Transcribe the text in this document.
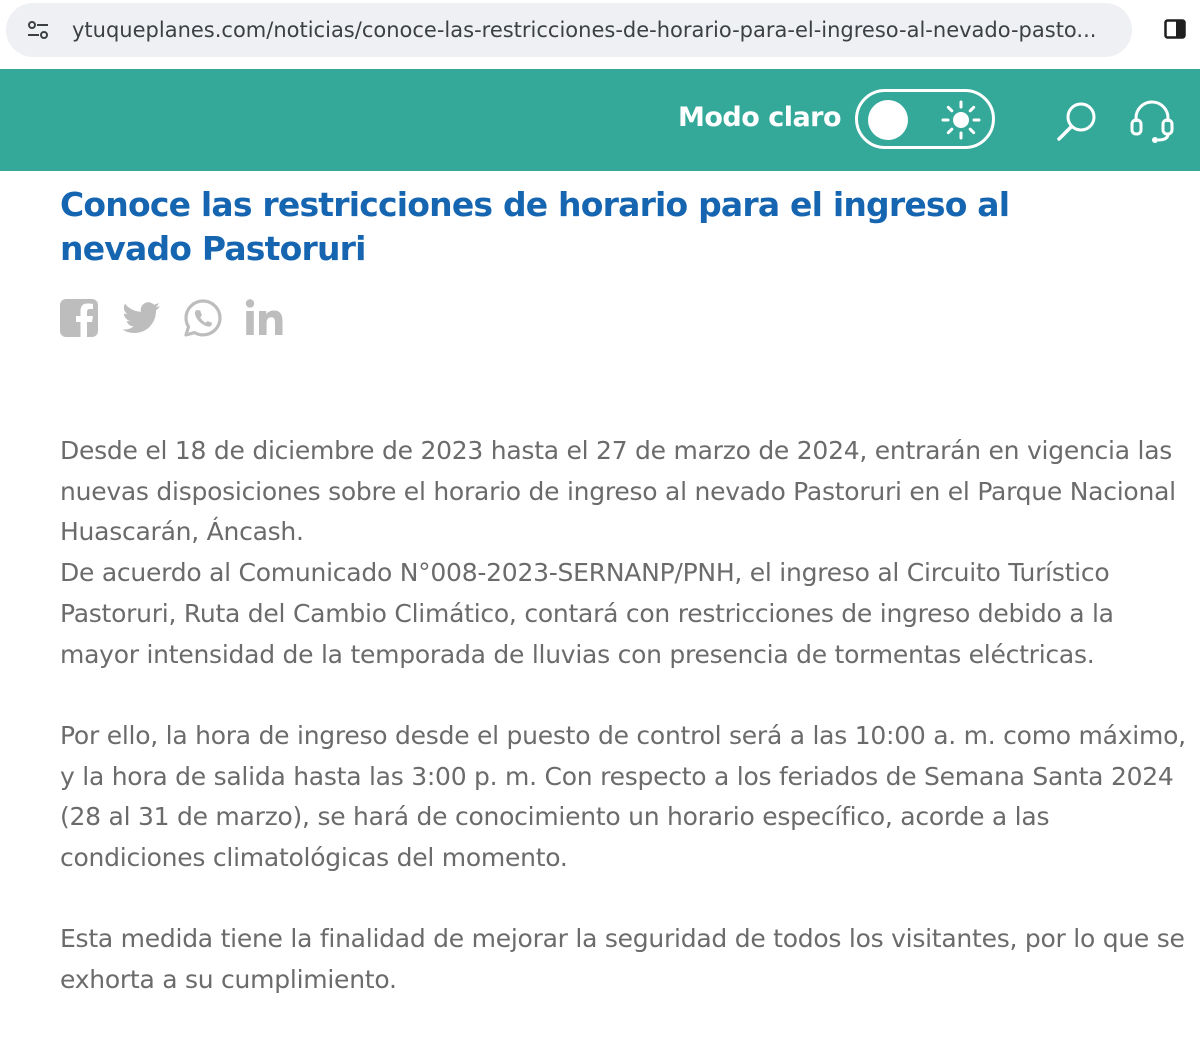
ytuqueplanes.com/noticias/conoce-las-restricciones-de-horario-para-el-ingreso-al-nevado-pasto...
Modo claro
Conoce las restricciones de horario para el ingreso al nevado Pastoruri

Desde el 18 de diciembre de 2023 hasta el 27 de marzo de 2024, entrarán en vigencia las nuevas disposiciones sobre el horario de ingreso al nevado Pastoruri en el Parque Nacional Huascarán, Áncash.

De acuerdo al Comunicado N°008-2023-SERNANP/PNH, el ingreso al Circuito Turístico Pastoruri, Ruta del Cambio Climático, contará con restricciones de ingreso debido a la mayor intensidad de la temporada de lluvias con presencia de tormentas eléctricas.

Por ello, la hora de ingreso desde el puesto de control será a las 10:00 a. m. como máximo, y la hora de salida hasta las 3:00 p. m. Con respecto a los feriados de Semana Santa 2024 (28 al 31 de marzo), se hará de conocimiento un horario específico, acorde a las condiciones climatológicas del momento.

Esta medida tiene la finalidad de mejorar la seguridad de todos los visitantes, por lo que se exhorta a su cumplimiento.
